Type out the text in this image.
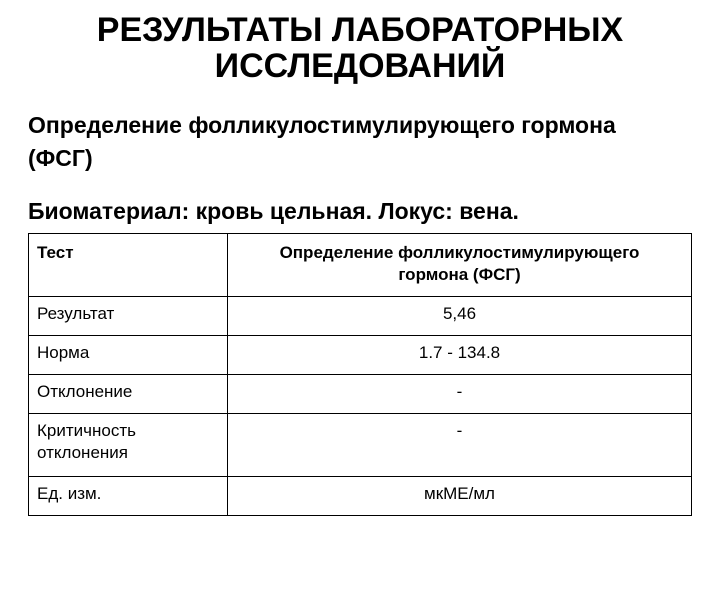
РЕЗУЛЬТАТЫ ЛАБОРАТОРНЫХ
ИССЛЕДОВАНИЙ
Определение фолликулостимулирующего гормона
(ФСГ)
Биоматериал: кровь цельная. Локус: вена.
Тест	Определение фолликулостимулирующего
гормона (ФСГ)
Результат	5,46
Норма	1.7 - 134.8
Отклонение	-
Критичность
отклонения	-
Ед. изм.	мкМЕ/мл
